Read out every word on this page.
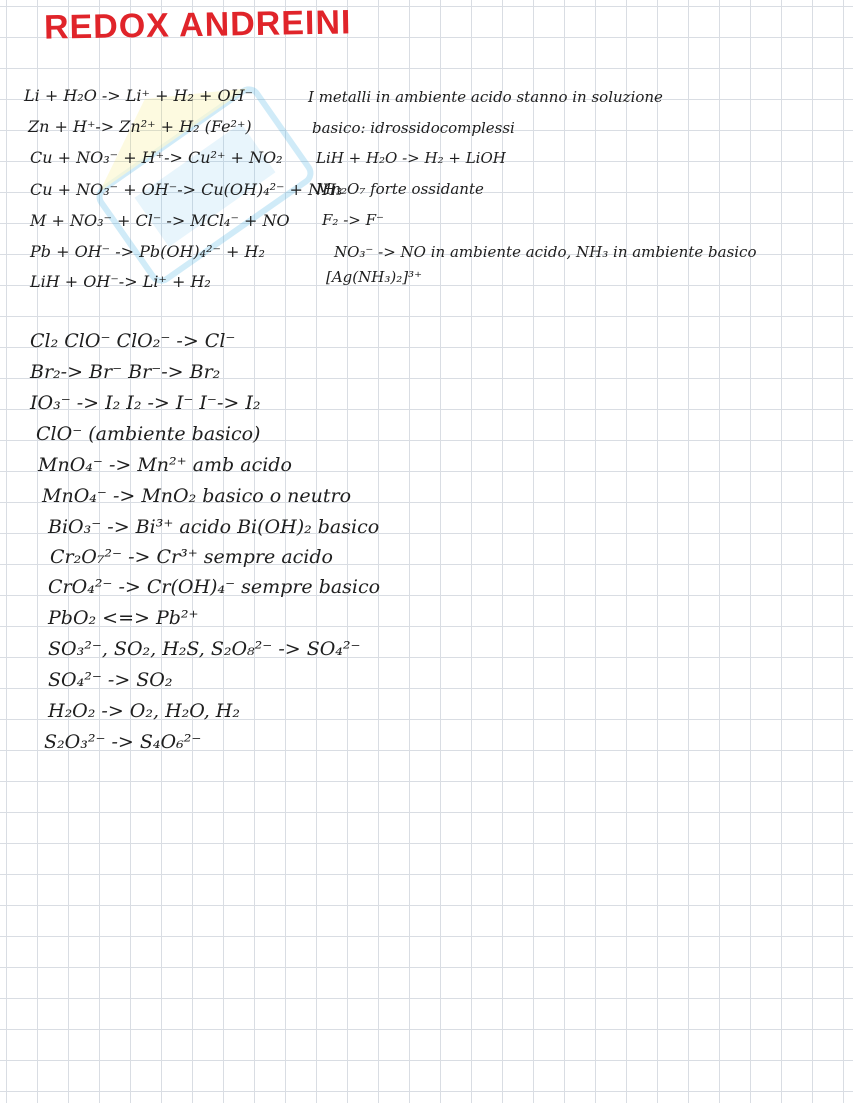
REDOX ANDREINI
Li + H₂O -> Li⁺ + H₂ + OH⁻
Zn + H⁺-> Zn²⁺ + H₂ (Fe²⁺)
Cu + NO₃⁻ + H⁺-> Cu²⁺ + NO₂
Cu + NO₃⁻ + OH⁻-> Cu(OH)₄²⁻ + NH₃
M + NO₃⁻ + Cl⁻ -> MCl₄⁻ + NO
Pb + OH⁻ -> Pb(OH)₄²⁻ + H₂
LiH + OH⁻-> Li⁺ + H₂
I metalli in ambiente acido stanno in soluzione
basico: idrossidocomplessi
LiH + H₂O -> H₂ + LiOH
Mn₂O₇ forte ossidante
F₂ -> F⁻
NO₃⁻ -> NO in ambiente acido, NH₃ in ambiente basico
[Ag(NH₃)₂]³⁺
Cl₂ ClO⁻ ClO₂⁻ -> Cl⁻
Br₂-> Br⁻ Br⁻-> Br₂
IO₃⁻ -> I₂ I₂ -> I⁻ I⁻-> I₂
ClO⁻ (ambiente basico)
MnO₄⁻ -> Mn²⁺ amb acido
MnO₄⁻ -> MnO₂ basico o neutro
BiO₃⁻ -> Bi³⁺ acido Bi(OH)₂ basico
Cr₂O₇²⁻ -> Cr³⁺ sempre acido
CrO₄²⁻ -> Cr(OH)₄⁻ sempre basico
PbO₂ <=> Pb²⁺
SO₃²⁻, SO₂, H₂S, S₂O₈²⁻ -> SO₄²⁻
SO₄²⁻ -> SO₂
H₂O₂ -> O₂, H₂O, H₂
S₂O₃²⁻ -> S₄O₆²⁻
